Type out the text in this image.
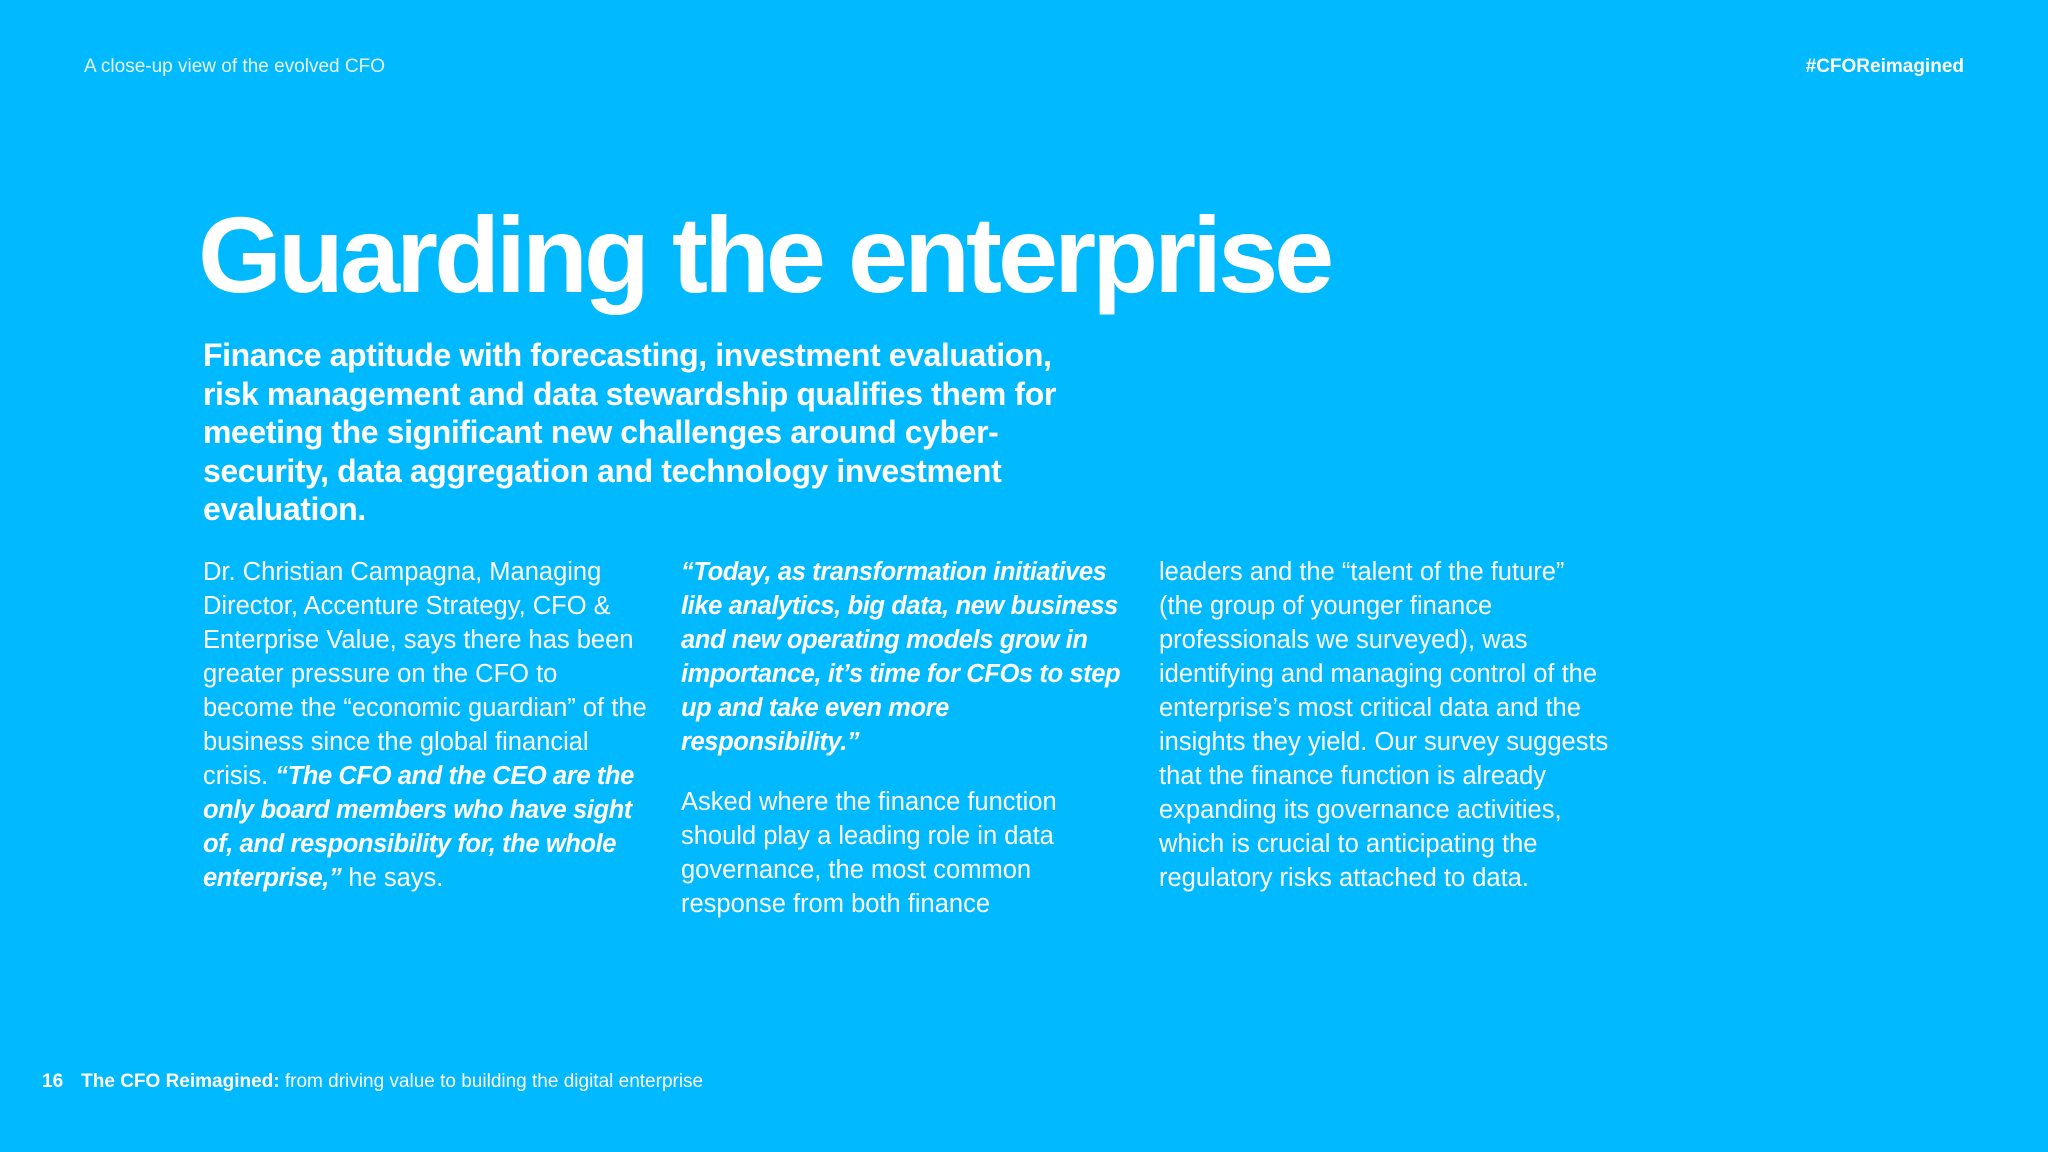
A close-up view of the evolved CFO	#CFOReimagined
Guarding the enterprise

Finance aptitude with forecasting, investment evaluation, risk management and data stewardship qualifies them for meeting the significant new challenges around cyber-security, data aggregation and technology investment evaluation.

Dr. Christian Campagna, Managing Director, Accenture Strategy, CFO & Enterprise Value, says there has been greater pressure on the CFO to become the “economic guardian” of the business since the global financial crisis. “The CFO and the CEO are the only board members who have sight of, and responsibility for, the whole enterprise,” he says.

“Today, as transformation initiatives like analytics, big data, new business and new operating models grow in importance, it’s time for CFOs to step up and take even more responsibility.”

Asked where the finance function should play a leading role in data governance, the most common response from both finance

leaders and the “talent of the future” (the group of younger finance professionals we surveyed), was identifying and managing control of the enterprise’s most critical data and the insights they yield. Our survey suggests that the finance function is already expanding its governance activities, which is crucial to anticipating the regulatory risks attached to data.

16 The CFO Reimagined: from driving value to building the digital enterprise
